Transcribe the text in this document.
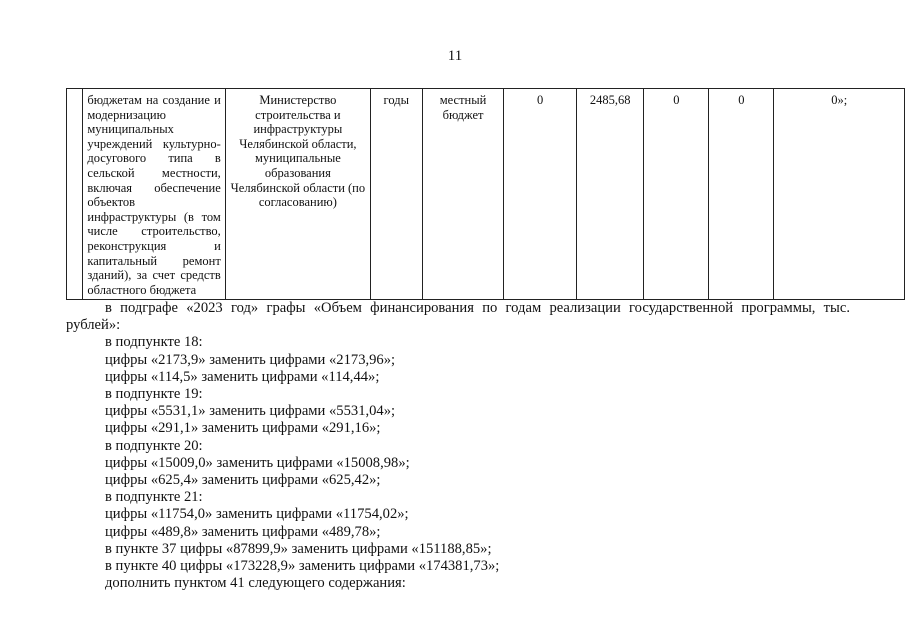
11
	бюджетам на создание и модернизацию муниципальных учреждений культурно-досугового типа в сельской местности, включая обеспечение объектов инфраструктуры (в том числе строительство, реконструкция и капитальный ремонт зданий), за счет средств областного бюджета	Министерство строительства и инфраструктуры Челябинской области, муниципальные образования Челябинской области (по согласованию)	годы	местный бюджет	0	2485,68	0	0	0»;

в подграфе «2023 год» графы «Объем финансирования по годам реализации государственной программы, тыс. рублей»:

в подпункте 18:

цифры «2173,9» заменить цифрами «2173,96»;

цифры «114,5» заменить цифрами «114,44»;

в подпункте 19:

цифры «5531,1» заменить цифрами «5531,04»;

цифры «291,1» заменить цифрами «291,16»;

в подпункте 20:

цифры «15009,0» заменить цифрами «15008,98»;

цифры «625,4» заменить цифрами «625,42»;

в подпункте 21:

цифры «11754,0» заменить цифрами «11754,02»;

цифры «489,8» заменить цифрами «489,78»;

в пункте 37 цифры «87899,9» заменить цифрами «151188,85»;

в пункте 40 цифры «173228,9» заменить цифрами «174381,73»;

дополнить пунктом 41 следующего содержания:
